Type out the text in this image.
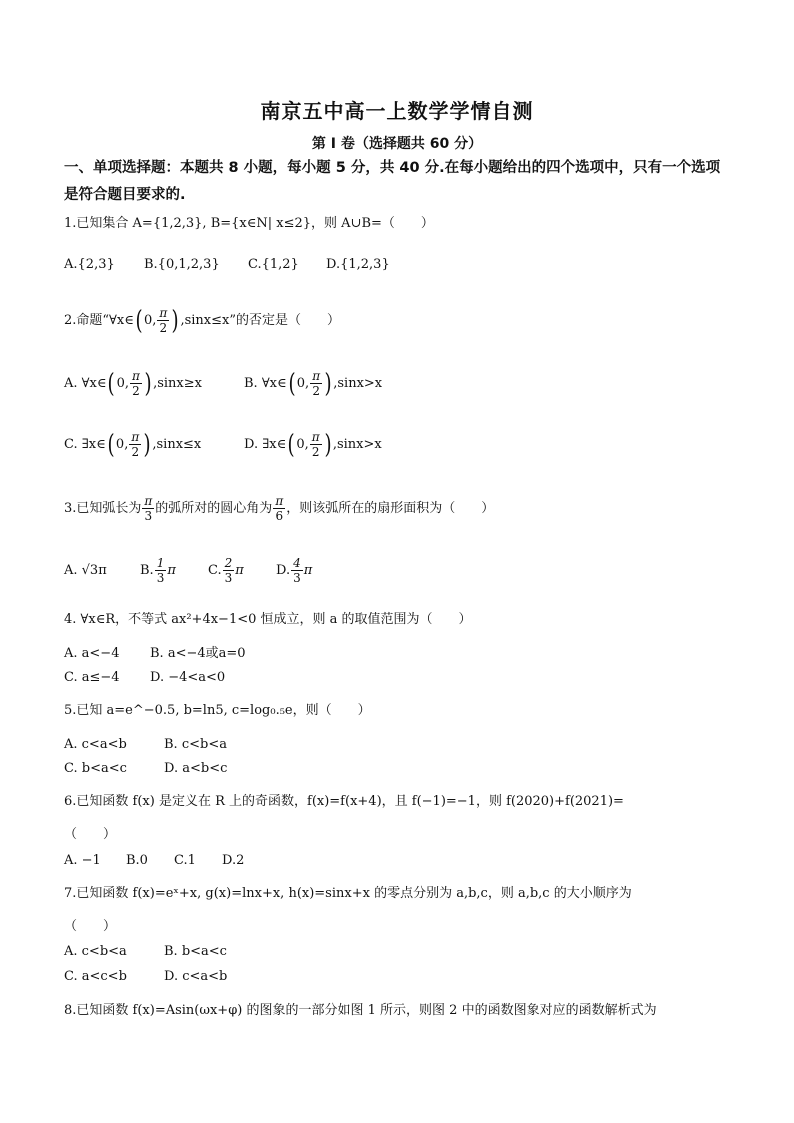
南京五中高一上数学学情自测
第 I 卷（选择题共 60 分）
一、单项选择题：本题共 8 小题，每小题 5 分，共 40 分.在每小题给出的四个选项中，只有一个选项是符合题目要求的.
1.已知集合 A={1,2,3}, B={x∈N| x≤2}，则 A∪B=（　　）
A.{2,3} B.{0,1,2,3} C.{1,2} D.{1,2,3}
2.命题“∀x∈( 0, $\frac{\pi}{2}$ ) ,sinx≤x”的否定是（　　）
A. ∀x∈( 0, $\frac{\pi}{2}$ ) ,sinx≥x	B. ∀x∈( 0, $\frac{\pi}{2}$ ) ,sinx>x
C. ∃x∈( 0, $\frac{\pi}{2}$ ) ,sinx≤x	D. ∃x∈( 0, $\frac{\pi}{2}$ ) ,sinx>x
3.已知弧长为 $\frac{\pi}{3}$ 的弧所对的圆心角为 $\frac{\pi}{6}$ ，则该弧所在的扇形面积为（　　）
A. √3π	B. $\frac{1}{3}$ π C. $\frac{2}{3}$ π D. $\frac{4}{3}$ π
4. ∀x∈R，不等式 ax²+4x−1<0 恒成立，则 a 的取值范围为（　　）
A. a<−4 B. a<−4或a=0
C. a≤−4 D. −4<a<0
5.已知 a=e^−0.5, b=ln5, c=log₀.₅e，则（　　）
A. c<a<b	B. c<b<a
C. b<a<c	D. a<b<c
6.已知函数 f(x) 是定义在 R 上的奇函数，f(x)=f(x+4)，且 f(−1)=−1，则 f(2020)+f(2021)=
（　　）
A. −1 B.0 C.1 D.2
7.已知函数 f(x)=eˣ+x, g(x)=lnx+x, h(x)=sinx+x 的零点分别为 a,b,c，则 a,b,c 的大小顺序为
（　　）
A. c<b<a	B. b<a<c
C. a<c<b	D. c<a<b
8.已知函数 f(x)=Asin(ωx+φ) 的图象的一部分如图 1 所示，则图 2 中的函数图象对应的函数解析式为
